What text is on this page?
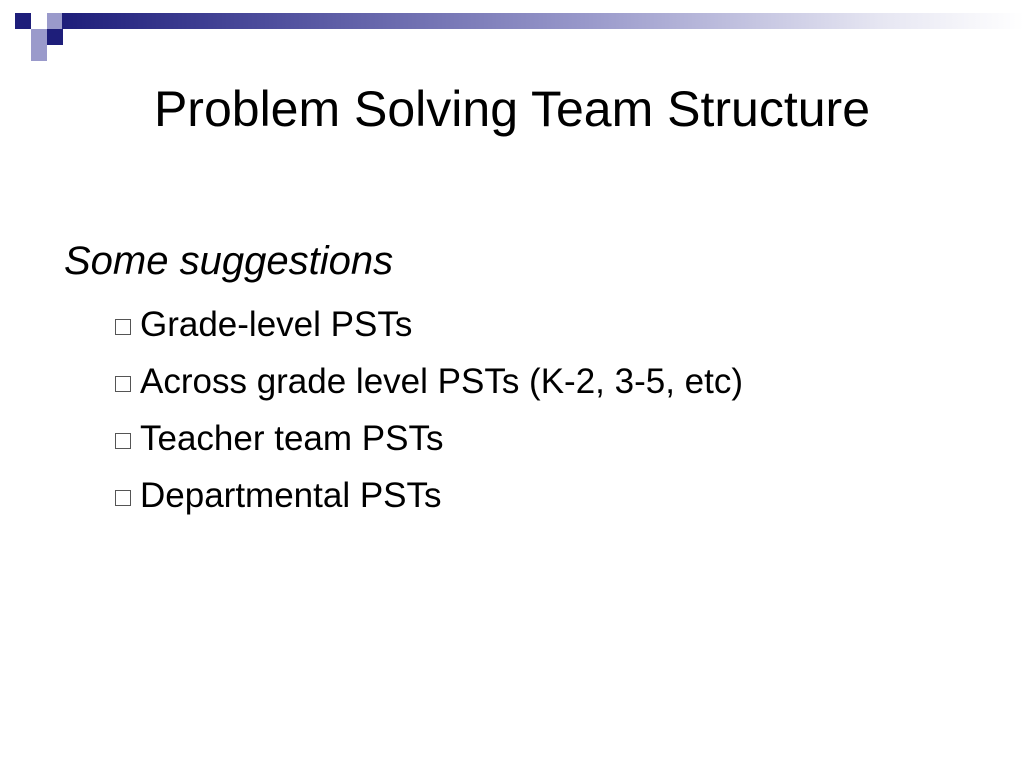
Problem Solving Team Structure

Some suggestions

Grade-level PSTs
Across grade level PSTs (K-2, 3-5, etc)
Teacher team PSTs
Departmental PSTs
